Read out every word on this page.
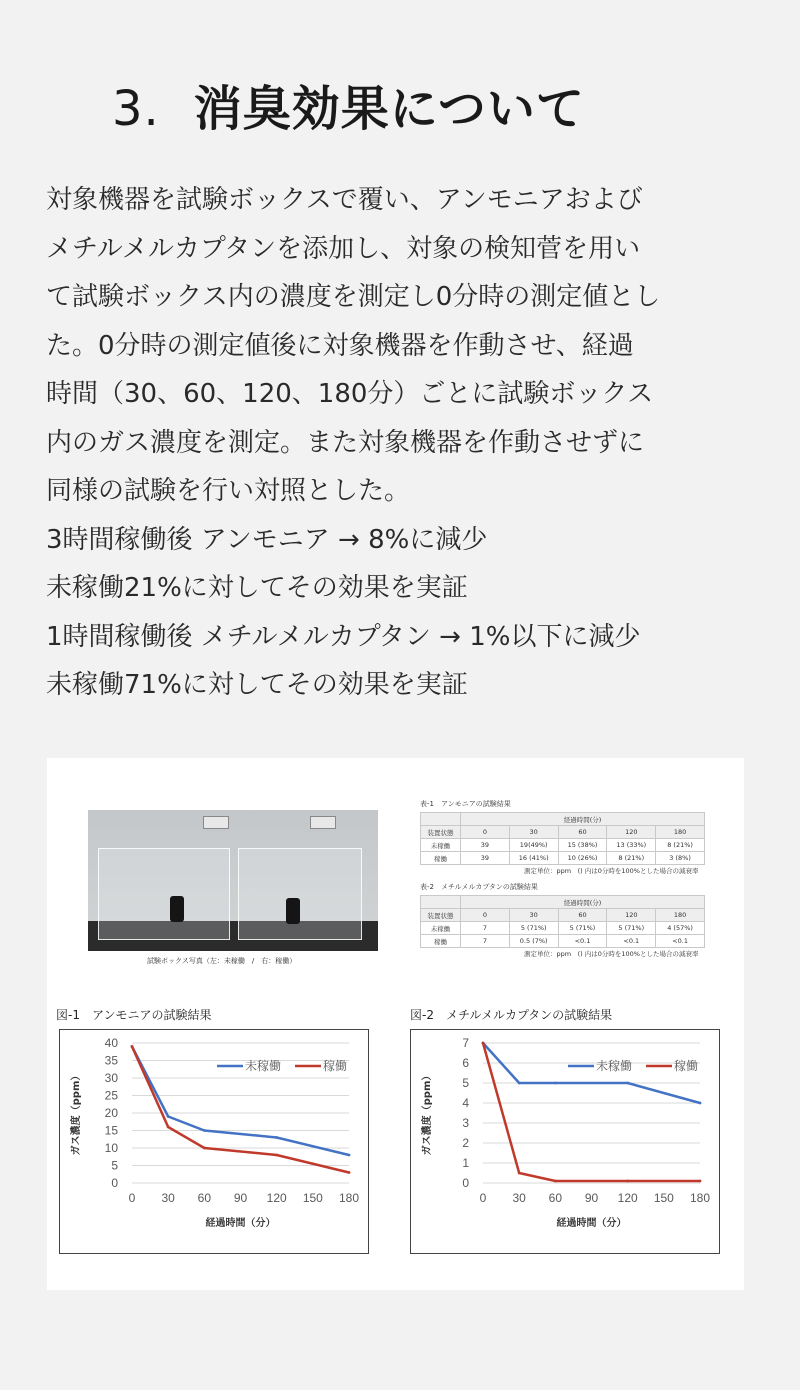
3. 消臭効果について

対象機器を試験ボックスで覆い、アンモニアおよび
メチルメルカプタンを添加し、対象の検知菅を用い
て試験ボックス内の濃度を測定し0分時の測定値とし
た。0分時の測定値後に対象機器を作動させ、経過
時間（30、60、120、180分）ごとに試験ボックス
内のガス濃度を測定。また対象機器を作動させずに
同様の試験を行い対照とした。
3時間稼働後 アンモニア → 8%に減少
未稼働21%に対してその効果を実証
1時間稼働後 メチルメルカプタン → 1%以下に減少
未稼働71%に対してその効果を実証

試験ボックス写真（左：未稼働　/　右：稼働）
表-1　アンモニアの試験結果
	経過時間(分)				
装置状態	0	30	60	120	180
未稼働	39	19(49%)	15 (38%)	13 (33%)	8 (21%)
稼働	39	16 (41%)	10 (26%)	8 (21%)	3 (8%)
測定単位：ppm　() 内は0分時を100%とした場合の減衰率
表-2　メチルメルカプタンの試験結果
	経過時間(分)				
装置状態	0	30	60	120	180
未稼働	7	5 (71%)	5 (71%)	5 (71%)	4 (57%)
稼働	7	0.5 (7%)	<0.1	<0.1	<0.1
測定単位：ppm　() 内は0分時を100%とした場合の減衰率
図-1　アンモニアの試験結果	図-2　メチルメルカプタンの試験結果
0
5
10
15
20
25
30
35
40
0 30 60 90 120 150 180
経過時間（分）
ガス濃度（ppm）
未稼働	稼働
0
1
2
3
4
5
6
7
0 30 60 90 120 150 180
経過時間（分）
ガス濃度（ppm）
未稼働	稼働
